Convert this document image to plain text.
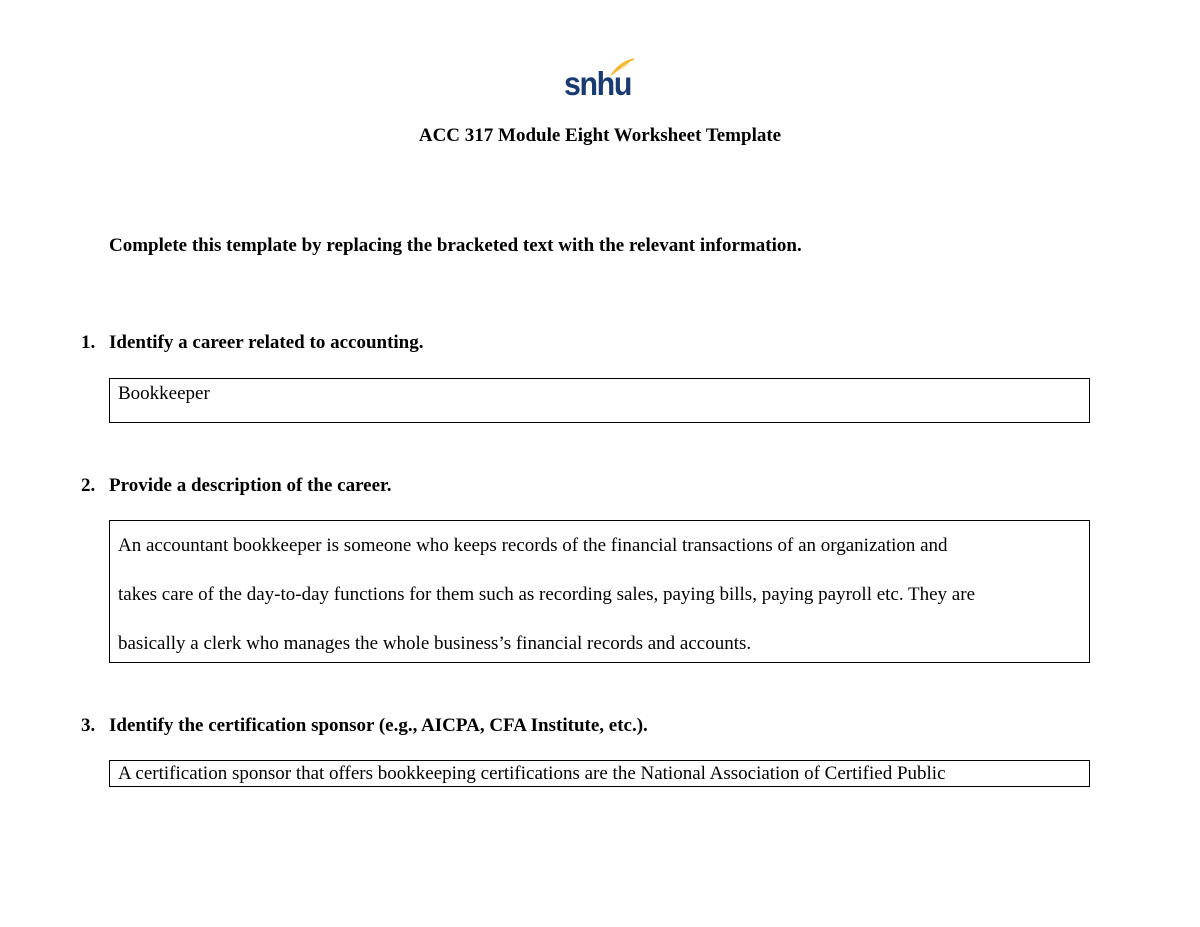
snhu
ACC 317 Module Eight Worksheet Template
Complete this template by replacing the bracketed text with the relevant information.
1. Identify a career related to accounting.

Bookkeeper

2. Provide a description of the career.

An accountant bookkeeper is someone who keeps records of the financial transactions of an organization and

takes care of the day-to-day functions for them such as recording sales, paying bills, paying payroll etc. They are

basically a clerk who manages the whole business’s financial records and accounts.

3. Identify the certification sponsor (e.g., AICPA, CFA Institute, etc.).

A certification sponsor that offers bookkeeping certifications are the National Association of Certified Public
